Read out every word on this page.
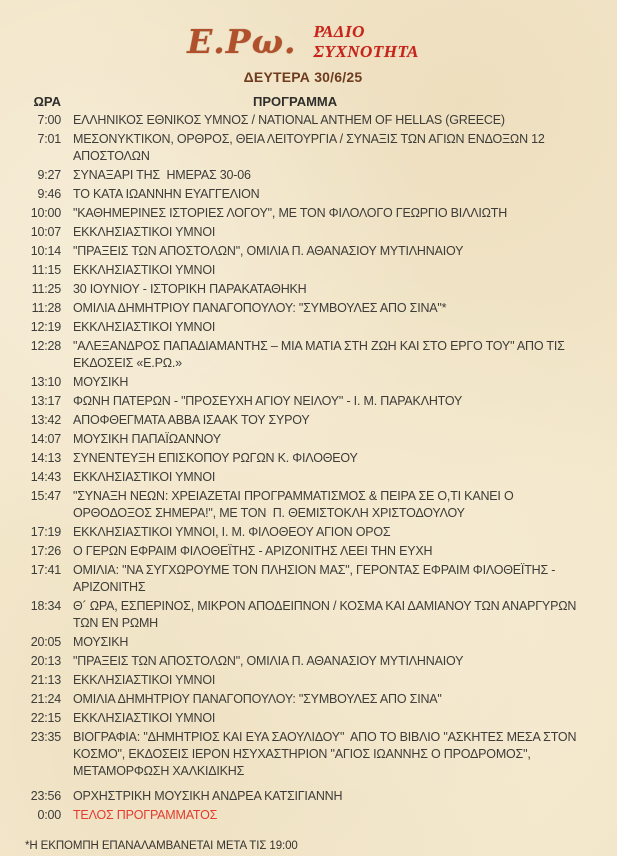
Ε.Ρω. ΡΑΔΙΟ
ΣΥΧΝΟΤΗΤΑ
ΔΕΥΤΕΡΑ 30/6/25
ΩΡΑ	ΠΡΟΓΡΑΜΜΑ
7:00 ΕΛΛΗΝΙΚΟΣ ΕΘΝΙΚΟΣ ΥΜΝΟΣ / NATIONAL ANTHEM OF HELLAS (GREECE)
7:01 ΜΕΣΟΝΥΚΤΙΚΟΝ, ΟΡΘΡΟΣ, ΘΕΙΑ ΛΕΙΤΟΥΡΓΙΑ / ΣΥΝΑΞΙΣ ΤΩΝ ΑΓΙΩΝ ΕΝΔΟΞΩΝ 12 ΑΠΟΣΤΟΛΩΝ
9:27 ΣΥΝΑΞΑΡΙ ΤΗΣ  ΗΜΕΡΑΣ 30-06
9:46 ΤΟ ΚΑΤΑ ΙΩΑΝΝΗΝ ΕΥΑΓΓΕΛΙΟΝ
10:00 "ΚΑΘΗΜΕΡΙΝΕΣ ΙΣΤΟΡΙΕΣ ΛΟΓΟΥ", ΜΕ ΤΟΝ ΦΙΛΟΛΟΓΟ ΓΕΩΡΓΙΟ ΒΙΛΛΙΩΤΗ
10:07 ΕΚΚΛΗΣΙΑΣΤΙΚΟΙ ΥΜΝΟΙ
10:14 "ΠΡΑΞΕΙΣ ΤΩΝ ΑΠΟΣΤΟΛΩΝ", ΟΜΙΛΙΑ Π. ΑΘΑΝΑΣΙΟΥ ΜΥΤΙΛΗΝΑΙΟΥ
11:15 ΕΚΚΛΗΣΙΑΣΤΙΚΟΙ ΥΜΝΟΙ
11:25 30 ΙΟΥΝΙΟΥ - ΙΣΤΟΡΙΚΗ ΠΑΡΑΚΑΤΑΘΗΚΗ
11:28 ΟΜΙΛΙΑ ΔΗΜΗΤΡΙΟΥ ΠΑΝΑΓΟΠΟΥΛΟΥ: "ΣΥΜΒΟΥΛΕΣ ΑΠΟ ΣΙΝΑ"*
12:19 ΕΚΚΛΗΣΙΑΣΤΙΚΟΙ ΥΜΝΟΙ
12:28 "ΑΛΕΞΑΝΔΡΟΣ ΠΑΠΑΔΙΑΜΑΝΤΗΣ – ΜΙΑ ΜΑΤΙΑ ΣΤΗ ΖΩΗ ΚΑΙ ΣΤΟ ΕΡΓΟ ΤΟΥ" ΑΠΟ ΤΙΣ ΕΚΔΟΣΕΙΣ «Ε.ΡΩ.»
13:10 ΜΟΥΣΙΚΗ
13:17 ΦΩΝΗ ΠΑΤΕΡΩΝ - "ΠΡΟΣΕΥΧΗ ΑΓΙΟΥ ΝΕΙΛΟΥ" - Ι. Μ. ΠΑΡΑΚΛΗΤΟΥ
13:42 ΑΠΟΦΘΕΓΜΑΤΑ ΑΒΒΑ ΙΣΑΑΚ ΤΟΥ ΣΥΡΟΥ
14:07 ΜΟΥΣΙΚΗ ΠΑΠΑΪΩΑΝΝΟΥ
14:13 ΣΥΝΕΝΤΕΥΞΗ ΕΠΙΣΚΟΠΟΥ ΡΩΓΩΝ Κ. ΦΙΛΟΘΕΟΥ
14:43 ΕΚΚΛΗΣΙΑΣΤΙΚΟΙ ΥΜΝΟΙ
15:47 "ΣΥΝΑΞΗ ΝΕΩΝ: ΧΡΕΙΑΖΕΤΑΙ ΠΡΟΓΡΑΜΜΑΤΙΣΜΟΣ & ΠΕΙΡΑ ΣΕ Ο,ΤΙ ΚΑΝΕΙ Ο ΟΡΘΟΔΟΞΟΣ ΣΗΜΕΡΑ!", ΜΕ ΤΟΝ  Π. ΘΕΜΙΣΤΟΚΛΗ ΧΡΙΣΤΟΔΟΥΛΟΥ
17:19 ΕΚΚΛΗΣΙΑΣΤΙΚΟΙ ΥΜΝΟΙ, Ι. Μ. ΦΙΛΟΘΕΟΥ ΑΓΙΟΝ ΟΡΟΣ
17:26 Ο ΓΕΡΩΝ ΕΦΡΑΙΜ ΦΙΛΟΘΕΪΤΗΣ - ΑΡΙΖΟΝΙΤΗΣ ΛΕΕΙ ΤΗΝ ΕΥΧΗ
17:41 ΟΜΙΛΙΑ: "ΝΑ ΣΥΓΧΩΡΟΥΜΕ ΤΟΝ ΠΛΗΣΙΟΝ ΜΑΣ", ΓΕΡΟΝΤΑΣ ΕΦΡΑΙΜ ΦΙΛΟΘΕΪΤΗΣ - ΑΡΙΖΟΝΙΤΗΣ
18:34 Θ´ ΩΡΑ, ΕΣΠΕΡΙΝΟΣ, ΜΙΚΡΟΝ ΑΠΟΔΕΙΠΝΟΝ / ΚΟΣΜΑ ΚΑΙ ΔΑΜΙΑΝΟΥ ΤΩΝ ΑΝΑΡΓΥΡΩΝ ΤΩΝ ΕΝ ΡΩΜΗ
20:05 ΜΟΥΣΙΚΗ
20:13 "ΠΡΑΞΕΙΣ ΤΩΝ ΑΠΟΣΤΟΛΩΝ", ΟΜΙΛΙΑ Π. ΑΘΑΝΑΣΙΟΥ ΜΥΤΙΛΗΝΑΙΟΥ
21:13 ΕΚΚΛΗΣΙΑΣΤΙΚΟΙ ΥΜΝΟΙ
21:24 ΟΜΙΛΙΑ ΔΗΜΗΤΡΙΟΥ ΠΑΝΑΓΟΠΟΥΛΟΥ: "ΣΥΜΒΟΥΛΕΣ ΑΠΟ ΣΙΝΑ"
22:15 ΕΚΚΛΗΣΙΑΣΤΙΚΟΙ ΥΜΝΟΙ
23:35 ΒΙΟΓΡΑΦΙΑ: "ΔΗΜΗΤΡΙΟΣ ΚΑΙ ΕΥΑ ΣΑΟΥΛΙΔΟΥ"  ΑΠΟ ΤΟ ΒΙΒΛΙΟ "ΑΣΚΗΤΕΣ ΜΕΣΑ ΣΤΟΝ ΚΟΣΜΟ", ΕΚΔΟΣΕΙΣ ΙΕΡΟΝ ΗΣΥΧΑΣΤΗΡΙΟΝ "ΑΓΙΟΣ ΙΩΑΝΝΗΣ Ο ΠΡΟΔΡΟΜΟΣ", ΜΕΤΑΜΟΡΦΩΣΗ ΧΑΛΚΙΔΙΚΗΣ
23:56 ΟΡΧΗΣΤΡΙΚΗ ΜΟΥΣΙΚΗ ΑΝΔΡΕΑ ΚΑΤΣΙΓΙΑΝΝΗ
0:00 ΤΕΛΟΣ ΠΡΟΓΡΑΜΜΑΤΟΣ
*Η ΕΚΠΟΜΠΗ ΕΠΑΝΑΛΑΜΒΑΝΕΤΑΙ ΜΕΤΑ ΤΙΣ 19:00
